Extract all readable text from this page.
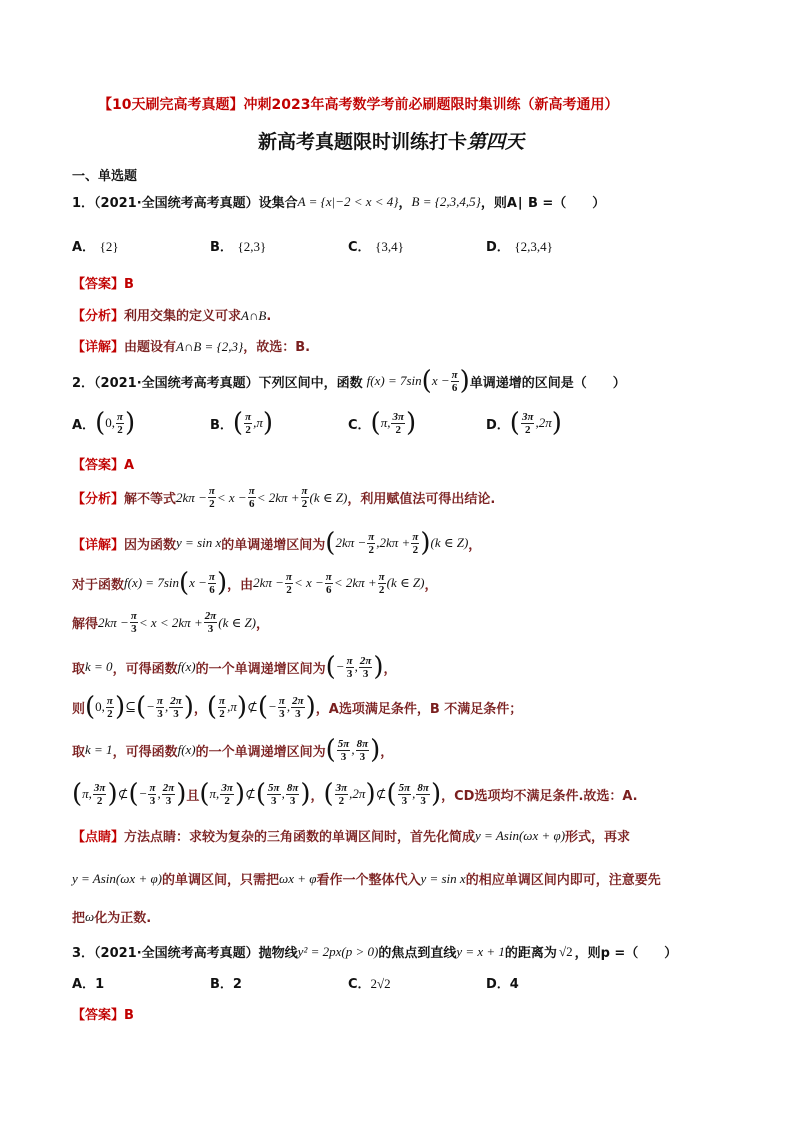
【10天刷完高考真题】冲刺2023年高考数学考前必刷题限时集训练（新高考通用）
新高考真题限时训练打卡第四天
一、单选题
1．（2021·全国统考高考真题）设集合 A = {x|−2 < x < 4} ， B = {2,3,4,5} ，则A∣ B =（　　）
A． {2}	B． {2,3}	C． {3,4}	D． {2,3,4}
【答案】B
【分析】利用交集的定义可求A∩B.
【详解】由题设有A∩B = {2,3}，故选：B.
2．（2021·全国统考高考真题）下列区间中，函数 f(x) = 7sin ( $x - \frac{\pi}{6}$ ) 单调递增的区间是（　　）
A． ( 0, $\frac{\pi}{2}$ )	B． ( $\frac{\pi}{2} ,\pi$ )	C． ( π, $\frac{3\pi}{2}$ )	D． ( $\frac{3\pi}{2} ,2\pi$ )
【答案】A
【分析】 解不等式 $2k\pi - \frac{\pi}{2} < x - \frac{\pi}{6} < 2k\pi + \frac{\pi}{2} (k$ ∈ Z) ，利用赋值法可得出结论.
【详解】 因为函数 y = sin x 的单调递增区间为 ( $2k\pi - \frac{\pi}{2} ,2k\pi + \frac{\pi}{2}$ ) (k ∈ Z) ，
对于函数 f(x) = 7sin ( $x - \frac{\pi}{6}$ ) ，由 $2k\pi - \frac{\pi}{2} < x - \frac{\pi}{6} < 2k\pi + \frac{\pi}{2} (k$ ∈ Z) ，
解得 $2k\pi - \frac{\pi}{3} < x < 2k\pi + \frac{2\pi}{3} (k$ ∈ Z) ，
取 k = 0 ，可得函数 f(x) 的一个单调递增区间为 ( − $\frac{\pi}{3}$ , $\frac{2\pi}{3}$ ) ，
则 ( 0, $\frac{\pi}{2}$ ) ⊆ ( − $\frac{\pi}{3}$ , $\frac{2\pi}{3}$ ) ， ( $\frac{\pi}{2} ,\pi$ ) ⊄ ( − $\frac{\pi}{3}$ , $\frac{2\pi}{3}$ ) ， A选项满足条件，B 不满足条件；
取 k = 1 ，可得函数 f(x) 的一个单调递增区间为 ( $\frac{5\pi}{3}$ , $\frac{8\pi}{3}$ ) ，
( π, $\frac{3\pi}{2}$ ) ⊄ ( − $\frac{\pi}{3}$ , $\frac{2\pi}{3}$ ) 且 ( π, $\frac{3\pi}{2}$ ) ⊄ ( $\frac{5\pi}{3}$ , $\frac{8\pi}{3}$ ) ， ( $\frac{3\pi}{2} ,2\pi$ ) ⊄ ( $\frac{5\pi}{3}$ , $\frac{8\pi}{3}$ ) ， CD选项均不满足条件.故选：A.
【点睛】 方法点睛：求较为复杂的三角函数的单调区间时，首先化简成 y = Asin(ωx + φ) 形式，再求
y = Asin(ωx + φ) 的单调区间，只需把 ωx + φ 看作一个整体代入 y = sin x 的相应单调区间内即可，注意要先
把 ω 化为正数.
3．（2021·全国统考高考真题）抛物线 y² = 2px(p > 0) 的焦点到直线 y = x + 1 的距离为 √2 ，则p =（　　）
A．1	B．2	C．2√2	D．4
【答案】B
